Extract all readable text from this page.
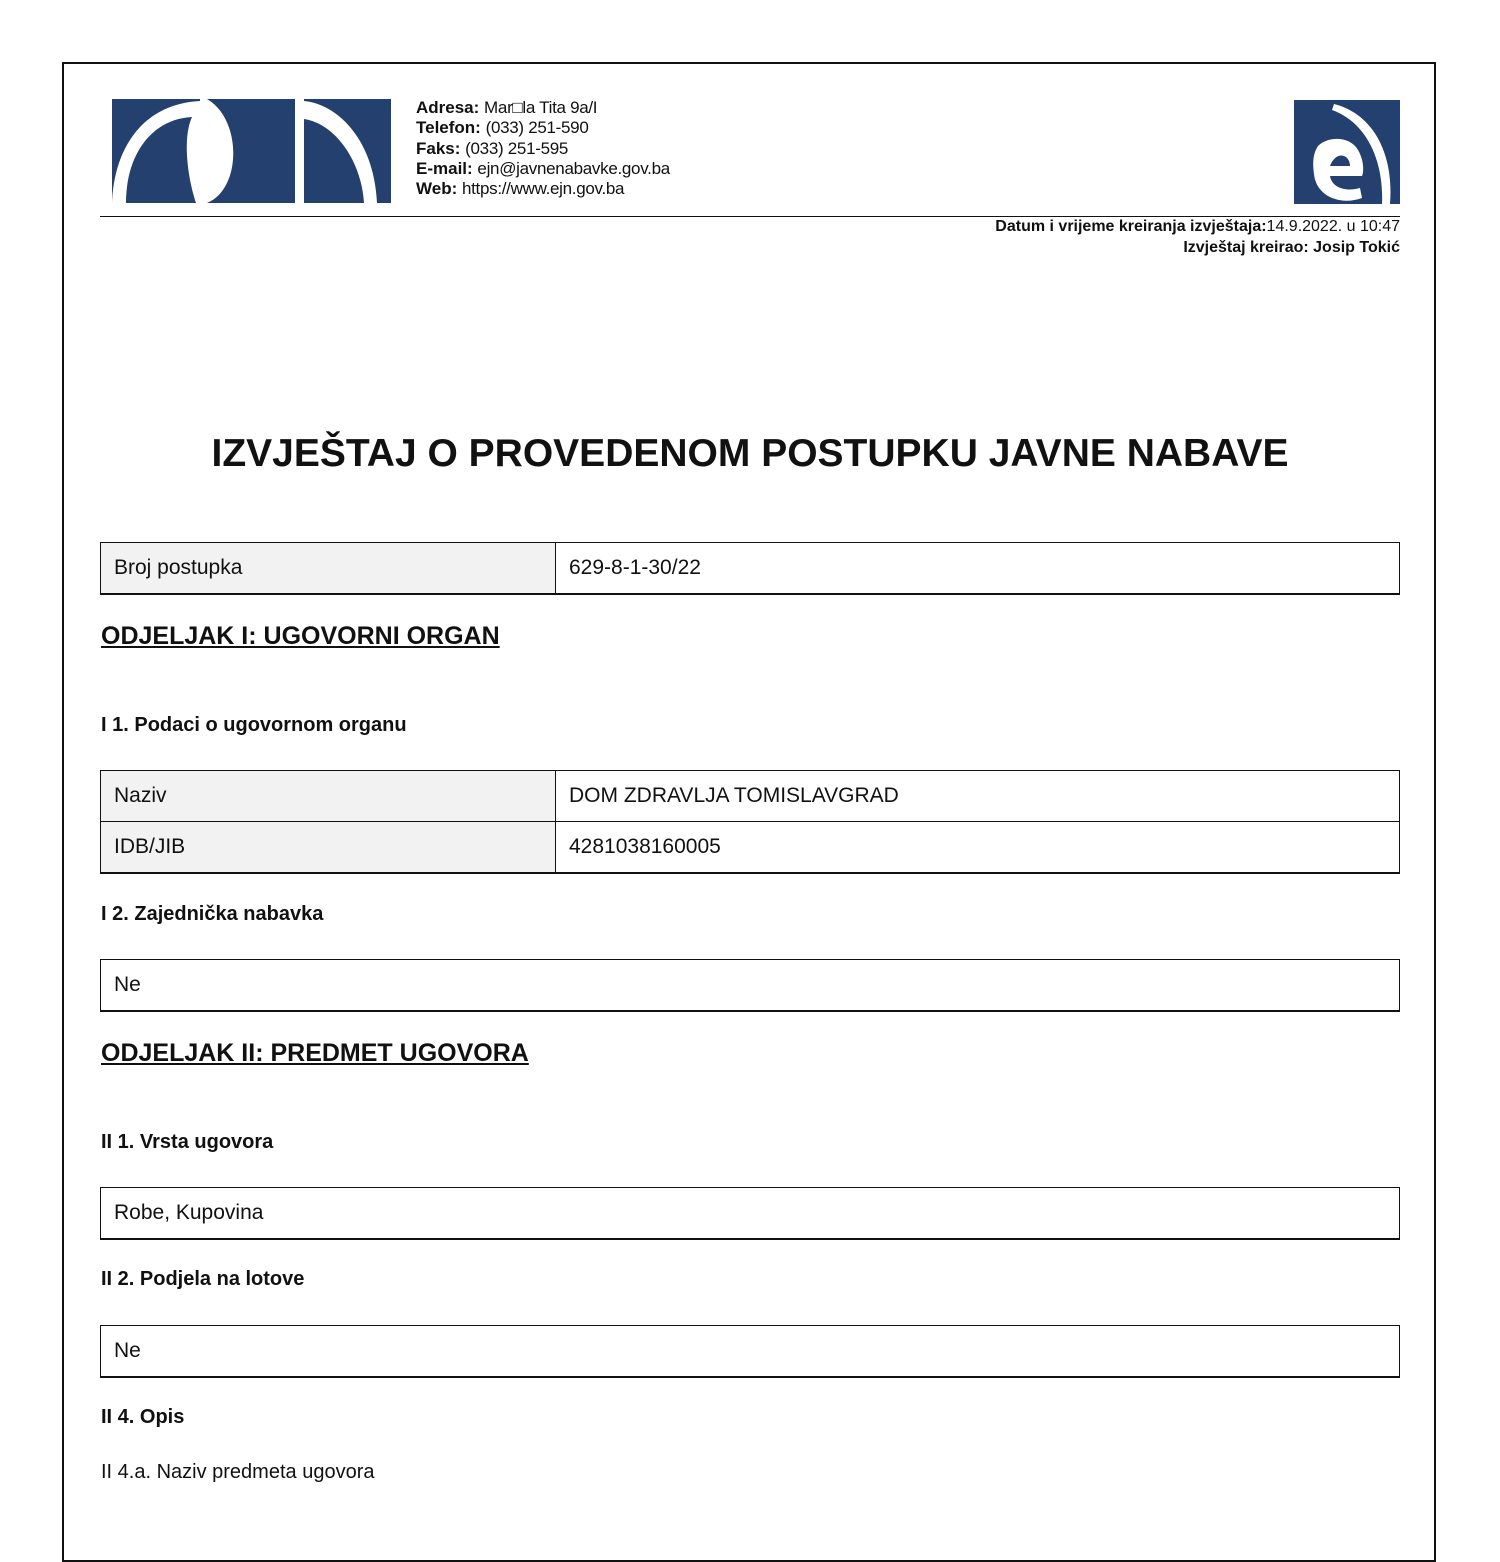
Adresa: Mar□la Tita 9a/I
Telefon: (033) 251-590
Faks: (033) 251-595
E-mail: ejn@javnenabavke.gov.ba
Web: https://www.ejn.gov.ba
Datum i vrijeme kreiranja izvještaja:14.9.2022. u 10:47
Izvještaj kreirao: Josip Tokić
IZVJEŠTAJ O PROVEDENOM POSTUPKU JAVNE NABAVE
Broj postupka	629-8-1-30/22
ODJELJAK I: UGOVORNI ORGAN
I 1. Podaci o ugovornom organu
Naziv	DOM ZDRAVLJA TOMISLAVGRAD
IDB/JIB	4281038160005
I 2. Zajednička nabavka
Ne
ODJELJAK II: PREDMET UGOVORA
II 1. Vrsta ugovora
Robe, Kupovina
II 2. Podjela na lotove
Ne
II 4. Opis
II 4.a. Naziv predmeta ugovora
